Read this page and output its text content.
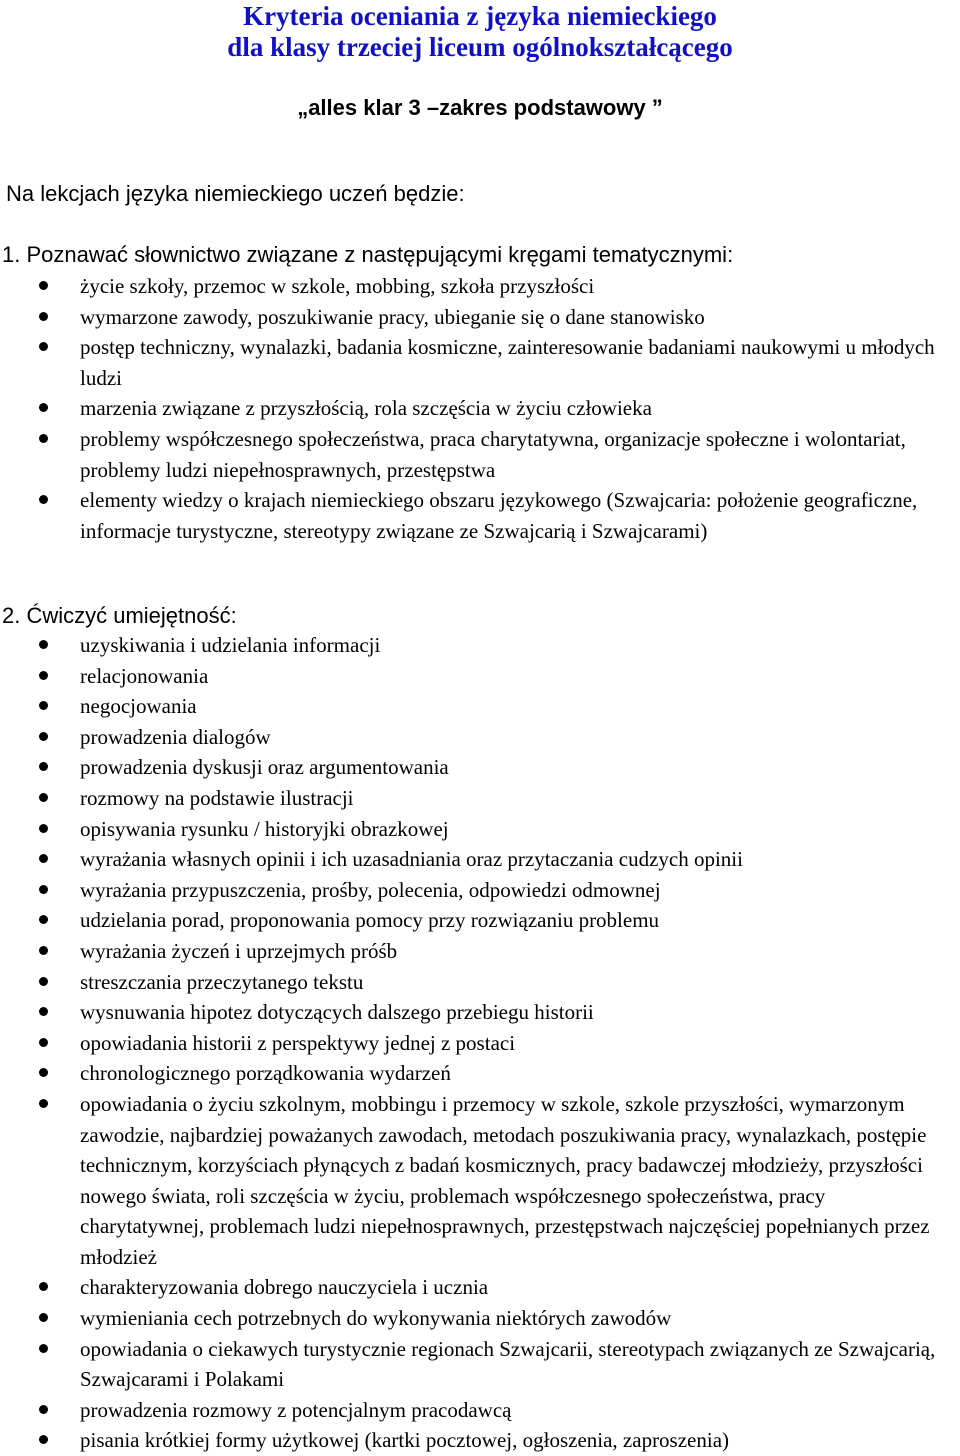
Kryteria oceniania z języka niemieckiego
dla klasy trzeciej liceum ogólnokształcącego

„alles klar 3 –zakres podstawowy ”

Na lekcjach języka niemieckiego uczeń będzie:

1. Poznawać słownictwo związane z następującymi kręgami tematycznymi:

życie szkoły, przemoc w szkole, mobbing, szkoła przyszłości
wymarzone zawody, poszukiwanie pracy, ubieganie się o dane stanowisko
postęp techniczny, wynalazki, badania kosmiczne, zainteresowanie badaniami naukowymi u młodych ludzi
marzenia związane z przyszłością, rola szczęścia w życiu człowieka
problemy współczesnego społeczeństwa, praca charytatywna, organizacje społeczne i wolontariat, problemy ludzi niepełnosprawnych, przestępstwa
elementy wiedzy o krajach niemieckiego obszaru językowego (Szwajcaria: położenie geograficzne, informacje turystyczne, stereotypy związane ze Szwajcarią i Szwajcarami)

2. Ćwiczyć umiejętność:

uzyskiwania i udzielania informacji
relacjonowania
negocjowania
prowadzenia dialogów
prowadzenia dyskusji oraz argumentowania
rozmowy na podstawie ilustracji
opisywania rysunku / historyjki obrazkowej
wyrażania własnych opinii i ich uzasadniania oraz przytaczania cudzych opinii
wyrażania przypuszczenia, prośby, polecenia, odpowiedzi odmownej
udzielania porad, proponowania pomocy przy rozwiązaniu problemu
wyrażania życzeń i uprzejmych próśb
streszczania przeczytanego tekstu
wysnuwania hipotez dotyczących dalszego przebiegu historii
opowiadania historii z perspektywy jednej z postaci
chronologicznego porządkowania wydarzeń
opowiadania o życiu szkolnym, mobbingu i przemocy w szkole, szkole przyszłości, wymarzonym zawodzie, najbardziej poważanych zawodach, metodach poszukiwania pracy, wynalazkach, postępie technicznym, korzyściach płynących z badań kosmicznych, pracy badawczej młodzieży, przyszłości nowego świata, roli szczęścia w życiu, problemach współczesnego społeczeństwa, pracy charytatywnej, problemach ludzi niepełnosprawnych, przestępstwach najczęściej popełnianych przez młodzież
charakteryzowania dobrego nauczyciela i ucznia
wymieniania cech potrzebnych do wykonywania niektórych zawodów
opowiadania o ciekawych turystycznie regionach Szwajcarii, stereotypach związanych ze Szwajcarią, Szwajcarami i Polakami
prowadzenia rozmowy z potencjalnym pracodawcą
pisania krótkiej formy użytkowej (kartki pocztowej, ogłoszenia, zaproszenia)
